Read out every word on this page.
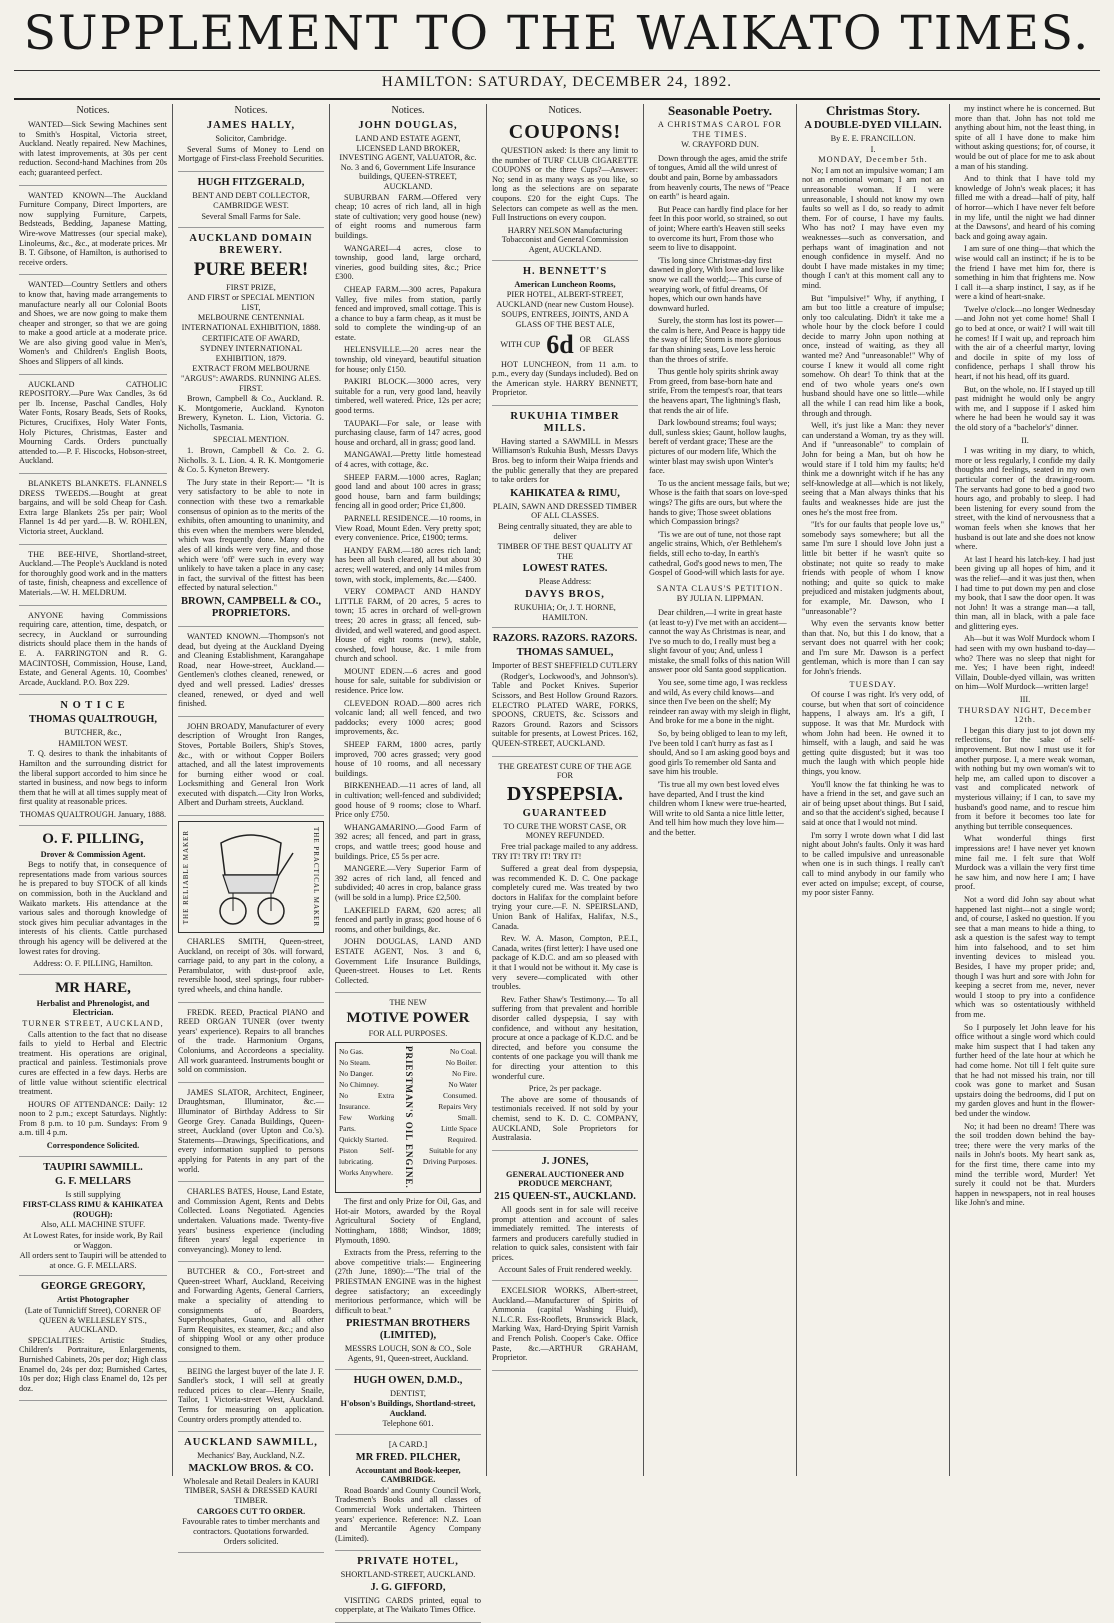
SUPPLEMENT TO THE WAIKATO TIMES.
HAMILTON: SATURDAY, DECEMBER 24, 1892.
Notices.

WANTED—Sick Sewing Machines sent to Smith's Hospital, Victoria street, Auckland. Neatly repaired. New Machines, with latest improvements, at 30s per cent reduction. Second-hand Machines from 20s each; guaranteed perfect.

WANTED KNOWN—The Auckland Furniture Company, Direct Importers, are now supplying Furniture, Carpets, Bedsteads, Bedding, Japanese Matting, Wire-wove Mattresses (our special make), Linoleums, &c., &c., at moderate prices. Mr B. T. Gibsone, of Hamilton, is authorised to receive orders.

WANTED—Country Settlers and others to know that, having made arrangements to manufacture nearly all our Colonial Boots and Shoes, we are now going to make them cheaper and stronger, so that we are going to make a good article at a moderate price. We are also giving good value in Men's, Women's and Children's English Boots, Shoes and Slippers of all kinds.

AUCKLAND CATHOLIC REPOSITORY.—Pure Wax Candles, 3s 6d per lb. Incense, Paschal Candles, Holy Water Fonts, Rosary Beads, Sets of Rooks, Pictures, Crucifixes, Holy Water Fonts, Holy Pictures, Christmas, Easter and Mourning Cards. Orders punctually attended to.—P. F. Hiscocks, Hobson-street, Auckland.

BLANKETS BLANKETS. FLANNELS DRESS TWEEDS.—Bought at great bargains, and will be sold Cheap for Cash. Extra large Blankets 25s per pair; Wool Flannel 1s 4d per yard.—B. W. ROHLEN, Victoria street, Auckland.

THE BEE-HIVE, Shortland-street, Auckland.—The People's Auckland is noted for thoroughly good work and in the matters of taste, finish, cheapness and excellence of Materials.—W. H. MELDRUM.

ANYONE having Commissions requiring care, attention, time, despatch, or secrecy, in Auckland or surrounding districts should place them in the hands of E. A. FARRINGTON and R. G. MACINTOSH, Commission, House, Land, Estate, and General Agents. 10, Coombes' Arcade, Auckland. P.O. Box 229.

N O T I C E
THOMAS QUALTROUGH,
BUTCHER, &c.,
HAMILTON WEST.

T. Q. desires to thank the inhabitants of Hamilton and the surrounding district for the liberal support accorded to him since he started in business, and now begs to inform them that he will at all times supply meat of first quality at reasonable prices.

THOMAS QUALTROUGH. January, 1888.
O. F. PILLING,
Drover & Commission Agent.

Begs to notify that, in consequence of representations made from various sources he is prepared to buy STOCK of all kinds on commission, both in the Auckland and Waikato markets. His attendance at the various sales and thorough knowledge of stock gives him peculiar advantages in the interests of his clients. Cattle purchased through his agency will be delivered at the lowest rates for droving.

Address: O. F. PILLING, Hamilton.
MR HARE,
Herbalist and Phrenologist, and Electrician.
TURNER STREET, AUCKLAND,

Calls attention to the fact that no disease fails to yield to Herbal and Electric treatment. His operations are original, practical and painless. Testimonials prove cures are effected in a few days. Herbs are of little value without scientific electrical treatment.

HOURS OF ATTENDANCE: Daily: 12 noon to 2 p.m.; except Saturdays. Nightly: From 8 p.m. to 10 p.m. Sundays: From 9 a.m. till 4 p.m.

Correspondence Solicited.
TAUPIRI SAWMILL.
G. F. MELLARS
Is still supplying
FIRST-CLASS RIMU & KAHIKATEA (ROUGH):
Also, ALL MACHINE STUFF.
At Lowest Rates, for inside work, By Rail or Waggon.
All orders sent to Taupiri will be attended to at once. G. F. MELLARS.
GEORGE GREGORY,
Artist Photographer
(Late of Tunnicliff Street), CORNER OF QUEEN & WELLESLEY STS., AUCKLAND.

SPECIALITIES: Artistic Studies, Children's Portraiture, Enlargements, Burnished Cabinets, 20s per doz; High class Enamel do, 24s per doz; Burnished Cartes, 10s per doz; High class Enamel do, 12s per doz.

Notices.
JAMES HALLY,
Solicitor, Cambridge.

Several Sums of Money to Lend on Mortgage of First-class Freehold Securities.

HUGH FITZGERALD,
BENT AND DEBT COLLECTOR,
CAMBRIDGE WEST.
Several Small Farms for Sale.
AUCKLAND DOMAIN BREWERY.
PURE BEER!
FIRST PRIZE,
AND FIRST or SPECIAL MENTION LIST,
MELBOURNE CENTENNIAL INTERNATIONAL EXHIBITION, 1888.
CERTIFICATE OF AWARD,
SYDNEY INTERNATIONAL EXHIBITION, 1879.
EXTRACT FROM MELBOURNE "ARGUS": AWARDS. RUNNING ALES. FIRST.

Brown, Campbell & Co., Auckland. R. K. Montgomerie, Auckland. Kynoton Brewery, Kyneton. L. Lion, Victoria. G. Nicholls, Tasmania.

SPECIAL MENTION.

1. Brown, Campbell & Co. 2. G. Nicholls. 3. L. Lion. 4. R. K. Montgomerie & Co. 5. Kyneton Brewery.

The Jury state in their Report:— "It is very satisfactory to be able to note in connection with these two a remarkable consensus of opinion as to the merits of the exhibits, often amounting to unanimity, and this even when the members were blended, which was frequently done. Many of the ales of all kinds were very fine, and those which were 'off' were such in every way unlikely to have taken a place in any case; in fact, the survival of the fittest has been effected by natural selection."

BROWN, CAMPBELL & CO., PROPRIETORS.

WANTED KNOWN.—Thompson's not dead, but dyeing at the Auckland Dyeing and Cleaning Establishment, Karangahape Road, near Howe-street, Auckland.—Gentlemen's clothes cleaned, renewed, or dyed and well pressed. Ladies' dresses cleaned, renewed, or dyed and well finished.

JOHN BROADY, Manufacturer of every description of Wrought Iron Ranges, Stoves, Portable Boilers, Ship's Stoves, &c., with or without Copper Boilers attached, and all the latest improvements for burning either wood or coal. Locksmithing and General Iron Work executed with dispatch.—City Iron Works, Albert and Durham streets, Auckland.

THE RELIABLE MAKER	THE PRACTICAL MAKER

CHARLES SMITH, Queen-street, Auckland, on receipt of 30s. will forward, carriage paid, to any part in the colony, a Perambulator, with dust-proof axle, reversible hood, steel springs, four rubber-tyred wheels, and china handle.

FREDK. REED, Practical PIANO and REED ORGAN TUNER (over twenty years' experience). Repairs to all branches of the trade. Harmonium Organs, Coloniums, and Accordeons a speciality. All work guaranteed. Instruments bought or sold on commission.

JAMES SLATOR, Architect, Engineer, Draughtsman, Illuminator, &c.—Illuminator of Birthday Address to Sir George Grey. Canada Buildings, Queen-street, Auckland (over Upton and Co.'s). Statements—Drawings, Specifications, and every information supplied to persons applying for Patents in any part of the world.

CHARLES BATES, House, Land Estate, and Commission Agent, Rents and Debts Collected. Loans Negotiated. Agencies undertaken. Valuations made. Twenty-five years' business experience (including fifteen years' legal experience in conveyancing). Money to lend.

BUTCHER & CO., Fort-street and Queen-street Wharf, Auckland, Receiving and Forwarding Agents, General Carriers, make a speciality of attending to consignments of Boarders, Superphosphates, Guano, and all other Farm Requisites, ex steamer, &c.; and also of shipping Wool or any other produce consigned to them.

BEING the largest buyer of the late J. F. Sandler's stock, I will sell at greatly reduced prices to clear—Henry Snaile, Tailor, 1 Victoria-street West, Auckland. Terms for measuring on application. Country orders promptly attended to.

AUCKLAND SAWMILL,
Mechanics' Bay, Auckland, N.Z.
MACKLOW BROS. & CO.
Wholesale and Retail Dealers in KAURI TIMBER, SASH & DRESSED KAURI TIMBER.
CARGOES CUT TO ORDER.
Favourable rates to timber merchants and contractors. Quotations forwarded.
Orders solicited.
Notices.
JOHN DOUGLAS,
LAND AND ESTATE AGENT, LICENSED LAND BROKER, INVESTING AGENT, VALUATOR, &c. No. 3 and 6, Government Life Insurance buildings, QUEEN-STREET, AUCKLAND.

SUBURBAN FARM.—Offered very cheap; 10 acres of rich land, all in high state of cultivation; very good house (new) of eight rooms and numerous farm buildings.

WANGAREI—4 acres, close to township, good land, large orchard, vineries, good building sites, &c.; Price £300.

CHEAP FARM.—300 acres, Papakura Valley, five miles from station, partly fenced and improved, small cottage. This is a chance to buy a farm cheap, as it must be sold to complete the winding-up of an estate.

HELENSVILLE.—20 acres near the township, old vineyard, beautiful situation for house; only £150.

PAKIRI BLOCK.—3000 acres, very suitable for a run, very good land, heavily timbered, well watered. Price, 12s per acre; good terms.

TAUPAKI—For sale, or lease with purchasing clause, farm of 147 acres, good house and orchard, all in grass; good land.

MANGAWAI.—Pretty little homestead of 4 acres, with cottage, &c.

SHEEP FARM.—1000 acres, Raglan; good land and about 100 acres in grass; good house, barn and farm buildings; fencing all in good order; Price £1,800.

PARNELL RESIDENCE.—10 rooms, in View Road, Mount Eden. Very pretty spot; every convenience. Price, £1900; terms.

HANDY FARM.—180 acres rich land; has been all bush cleared, all but about 30 acres; well watered, and only 14 miles from town, with stock, implements, &c.—£400.

VERY COMPACT AND HANDY LITTLE FARM, of 20 acres, 5 acres to town; 15 acres in orchard of well-grown trees; 20 acres in grass; all fenced, sub-divided, and well watered, and good aspect. House of eight rooms (new), stable, cowshed, fowl house, &c. 1 mile from church and school.

MOUNT EDEN.—6 acres and good house for sale, suitable for subdivision or residence. Price low.

CLEVEDON ROAD.—800 acres rich volcanic land; all well fenced, and two paddocks; every 1000 acres; good improvements, &c.

SHEEP FARM, 1800 acres, partly improved, 700 acres grassed; very good house of 10 rooms, and all necessary buildings.

BIRKENHEAD.—11 acres of land, all in cultivation; well-fenced and subdivided; good house of 9 rooms; close to Wharf. Price only £750.

WHANGAMARINO.—Good Farm of 392 acres; all fenced, and part in grass, crops, and wattle trees; good house and buildings. Price, £5 5s per acre.

MANGERE.—Very Superior Farm of 392 acres of rich land, all fenced and subdivided; 40 acres in crop, balance grass (will be sold in a lump). Price £2,500.

LAKEFIELD FARM, 620 acres; all fenced and partly in grass; good house of 6 rooms, and other buildings, &c.

JOHN DOUGLAS, LAND AND ESTATE AGENT, Nos. 3 and 6, Government Life Insurance Buildings, Queen-street. Houses to Let. Rents Collected.

THE NEW
MOTIVE POWER
FOR ALL PURPOSES.
No Gas.
No Steam.
No Danger.
No Chimney.
No Extra Insurance.
Few Working Parts.
Quickly Started.
Piston Self-lubricating.
Works Anywhere. PRIESTMAN'S OIL ENGINE.	No Coal.
No Boiler.
No Fire.
No Water Consumed.
Repairs Very Small.
Little Space Required.
Suitable for any Driving Purposes.

The first and only Prize for Oil, Gas, and Hot-air Motors, awarded by the Royal Agricultural Society of England, Nottingham, 1888; Windsor, 1889; Plymouth, 1890.

Extracts from the Press, referring to the above competitive trials:— Engineering (27th June, 1890):—"The trial of the PRIESTMAN ENGINE was in the highest degree satisfactory; an exceedingly meritorious performance, which will be difficult to beat."

PRIESTMAN BROTHERS (LIMITED),
MESSRS LOUCH, SON & CO., Sole Agents, 91, Queen-street, Auckland.
HUGH OWEN, D.M.D.,
DENTIST,
H'obson's Buildings, Shortland-street, Auckland.
Telephone 601.
[A CARD.]
MR FRED. PILCHER,
Accountant and Book-keeper, CAMBRIDGE.

Road Boards' and County Council Work, Tradesmen's Books and all classes of Commercial Work undertaken. Thirteen years' experience. Reference: N.Z. Loan and Mercantile Agency Company (Limited).

PRIVATE HOTEL,
SHORTLAND-STREET, AUCKLAND.
J. G. GIFFORD,

VISITING CARDS printed, equal to copperplate, at The Waikato Times Office.

Notices.
COUPONS!

QUESTION asked: Is there any limit to the number of TURF CLUB CIGARETTE COUPONS or the three Cups?—Answer: No; send in as many ways as you like, so long as the selections are on separate coupons. £20 for the eight Cups. The Selectors can compete as well as the men. Full Instructions on every coupon.

HARRY NELSON Manufacturing Tobacconist and General Commission Agent, AUCKLAND.
H. BENNETT'S
American Luncheon Rooms,
PIER HOTEL, ALBERT-STREET, AUCKLAND (near new Custom House).
SOUPS, ENTREES, JOINTS, AND A GLASS OF THE BEST ALE,
WITH CUP 6d OR GLASS OF BEER

HOT LUNCHEON, from 11 a.m. to p.m., every day (Sundays included). Bed on the American style. HARRY BENNETT, Proprietor.

RUKUHIA TIMBER MILLS.

Having started a SAWMILL in Messrs Williamson's Rukuhia Bush, Messrs Davys Bros. beg to inform their Waipa friends and the public generally that they are prepared to take orders for

KAHIKATEA & RIMU,
PLAIN, SAWN AND DRESSED TIMBER OF ALL CLASSES.
Being centrally situated, they are able to deliver
TIMBER OF THE BEST QUALITY AT THE
LOWEST RATES.
Please Address:
DAVYS BROS,
RUKUHIA; Or, J. T. HORNE, HAMILTON.
RAZORS. RAZORS. RAZORS.
THOMAS SAMUEL,
Importer of BEST SHEFFIELD CUTLERY

(Rodger's, Lockwood's, and Johnson's). Table and Pocket Knives. Superior Scissors, and Best Hollow Ground Razors. ELECTRO PLATED WARE, FORKS, SPOONS, CRUETS, &c. Scissors and Razors Ground. Razors and Scissors suitable for presents, at Lowest Prices. 162, QUEEN-STREET, AUCKLAND.

THE GREATEST CURE OF THE AGE FOR
DYSPEPSIA.
GUARANTEED
TO CURE THE WORST CASE, OR MONEY REFUNDED.

Free trial package mailed to any address. TRY IT! TRY IT! TRY IT!

Suffered a great deal from dyspepsia, was recommended K. D. C. One package completely cured me. Was treated by two doctors in Halifax for the complaint before trying your cure.—F. N. SPEIRSLAND, Union Bank of Halifax, Halifax, N.S., Canada.

Rev. W. A. Mason, Compton, P.E.I., Canada, writes (first letter): I have used one package of K.D.C. and am so pleased with it that I would not be without it. My case is very severe—complicated with other troubles.

Rev. Father Shaw's Testimony.— To all suffering from that prevalent and horrible disorder called dyspepsia, I say with confidence, and without any hesitation, procure at once a package of K.D.C. and be directed, and before you consume the contents of one package you will thank me for directing your attention to this wonderful cure.

Price, 2s per package.

The above are some of thousands of testimonials received. If not sold by your chemist, send to K. D. C. COMPANY, AUCKLAND, Sole Proprietors for Australasia.

J. JONES,
GENERAL AUCTIONEER AND PRODUCE MERCHANT,
215 QUEEN-ST., AUCKLAND.

All goods sent in for sale will receive prompt attention and account of sales immediately remitted. The interests of farmers and producers carefully studied in relation to quick sales, consistent with fair prices.

Account Sales of Fruit rendered weekly.

EXCELSIOR WORKS, Albert-street, Auckland.—Manufacturer of Spirits of Ammonia (capital Washing Fluid), N.L.C.R. Ess-Rooflets, Brunswick Black, Marking Wax, Hard-Drying Spirit Varnish and French Polish. Cooper's Cake. Office Paste, &c.—ARTHUR GRAHAM, Proprietor.

Seasonable Poetry.
A CHRISTMAS CAROL FOR THE TIMES.
W. CRAYFORD DUN.

Down through the ages, amid the strife of tongues, Amid all the wild unrest of doubt and pain, Borne by ambassadors from heavenly courts, The news of "Peace on earth" is heard again.

But Peace can hardly find place for her feet In this poor world, so strained, so out of joint; Where earth's Heaven still seeks to overcome its hurt, From those who seem to live to disappoint.

'Tis long since Christmas-day first dawned in glory, With love and love like snow we call the world;— This curse of wearying work, of fitful dreams, Of hopes, which our own hands have downward hurled.

Surely, the storm has lost its power—the calm is here, And Peace is happy tide the sway of life; Storm is more glorious far than shining seas, Love less heroic than the throes of strife.

Thus gentle holy spirits shrink away From greed, from base-born hate and strife, From the tempest's roar, that tears the heavens apart, The lightning's flash, that rends the air of life.

Dark lowbound streams; foul ways; dull, sunless skies; Gaunt, hollow laughs, bereft of verdant grace; These are the pictures of our modern life, Which the winter blast may swish upon Winter's face.

To us the ancient message fails, but we; Whose is the faith that soars on love-sped wings? The gifts are ours, but where the hands to give; Those sweet oblations which Compassion brings?

'Tis we are out of tune, not those rapt angelic strains, Which, o'er Bethlehem's fields, still echo to-day, In earth's cathedral, God's good news to men, The Gospel of Good-will which lasts for aye.

SANTA CLAUS'S PETITION.
BY JULIA N. LIPPMAN.

Dear children,—I write in great haste (at least to-y) I've met with an accident—cannot the way As Christmas is near, and I've so much to do, I really must beg a slight favour of you; And, unless I mistake, the small folks of this nation Will answer poor old Santa good supplication.

You see, some time ago, I was reckless and wild, As every child knows—and since then I've been on the shelf; My reindeer ran away with my sleigh in flight, And broke for me a bone in the night.

So, by being obliged to lean to my left, I've been told I can't hurry as fast as I should, And so I am asking good boys and good girls To remember old Santa and save him his trouble.

'Tis true all my own best loved elves have departed, And I trust the kind children whom I knew were true-hearted, Will write to old Santa a nice little letter, And tell him how much they love him—and the better.

Christmas Story.
A DOUBLE-DYED VILLAIN.
By E. E. FRANCILLON.
I.
MONDAY, December 5th.

No; I am not an impulsive woman; I am not an emotional woman; I am not an unreasonable woman. If I were unreasonable, I should not know my own faults so well as I do, so ready to admit them. For of course, I have my faults. Who has not? I may have even my weaknesses—such as conversation, and perhaps want of imagination and not enough confidence in myself. And no doubt I have made mistakes in my time; though I can't at this moment call any to mind.

But "impulsive!" Why, if anything, I am but too little a creature of impulse; only too calculating. Didn't it take me a whole hour by the clock before I could decide to marry John upon nothing at once, instead of waiting, as they all wanted me? And "unreasonable!" Why of course I knew it would all come right somehow. Oh dear! To think that at the end of two whole years one's own husband should have one so little—while all the while I can read him like a book, through and through.

Well, it's just like a Man: they never can understand a Woman, try as they will. And if "unreasonable" to complain of John for being a Man, but oh how he would stare if I told him my faults; he'd think me a downright witch if he has any self-knowledge at all—which is not likely, seeing that a Man always thinks that his faults and weaknesses hide are just the ones he's the most free from.

"It's for our faults that people love us," somebody says somewhere; but all the same I'm sure I should love John just a little bit better if he wasn't quite so obstinate; not quite so ready to make friends with people of whom I know nothing; and quite so quick to make prejudiced and mistaken judgments about, for example, Mr. Dawson, who I "unreasonable"?

Why even the servants know better than that. No, but this I do know, that a servant does not quarrel with her cook; and I'm sure Mr. Dawson is a perfect gentleman, which is more than I can say for John's friends.

TUESDAY.

Of course I was right. It's very odd, of course, but when that sort of coincidence happens, I always am. It's a gift, I suppose. It was that Mr. Murdock with whom John had been. He owned it to himself, with a laugh, and said he was getting quite disgusted; but it was too much the laugh with which people hide things, you know.

You'll know the fat thinking he was to have a friend in the set, and gave such an air of being upset about things. But I said, and so that the accident's sighed, because I said at once that I would not mind.

I'm sorry I wrote down what I did last night about John's faults. Only it was hard to be called impulsive and unreasonable when one is in such things. I really can't call to mind anybody in our family who ever acted on impulse; except, of course, my poor sister Fanny.

my instinct where he is concerned. But more than that. John has not told me anything about him, not the least thing, in spite of all I have done to make him without asking questions; for, of course, it would be out of place for me to ask about a man of his standing.

And to think that I have told my knowledge of John's weak places; it has filled me with a dread—half of pity, half of horror—which I have never felt before in my life, until the night we had dinner at the Dawsons', and heard of his coming back and going away again.

I am sure of one thing—that which the wise would call an instinct; if he is to be the friend I have met him for, there is something in him that frightens me. Now I call it—a sharp instinct, I say, as if he were a kind of heart-snake.

Twelve o'clock—no longer Wednesday—and John not yet come home! Shall I go to bed at once, or wait? I will wait till he comes! If I wait up, and reproach him with the air of a cheerful martyr, loving and docile in spite of my loss of confidence, perhaps I shall throw his heart, if not his head, off its guard.

But, on the whole, no. If I stayed up till past midnight he would only be angry with me, and I suppose if I asked him where he had been he would say it was the old story of a "bachelor's" dinner.

II.

I was writing in my diary, to which, more or less regularly, I confide my daily thoughts and feelings, seated in my own particular corner of the drawing-room. The servants had gone to bed a good two hours ago, and probably to sleep. I had been listening for every sound from the street, with the kind of nervousness that a woman feels when she knows that her husband is out late and she does not know where.

At last I heard his latch-key. I had just been giving up all hopes of him, and it was the relief—and it was just then, when I had time to put down my pen and close my book, that I saw the door open. It was not John! It was a strange man—a tall, thin man, all in black, with a pale face and glittering eyes.

Ah—but it was Wolf Murdock whom I had seen with my own husband to-day—who? There was no sleep that night for me. Yes; I have been right, indeed! Villain, Double-dyed villain, was written on him—Wolf Murdock—written large!

III.
THURSDAY NIGHT, December 12th.

I began this diary just to jot down my reflections, for the sake of self-improvement. But now I must use it for another purpose. I, a mere weak woman, with nothing but my own woman's wit to help me, am called upon to discover a vast and complicated network of mysterious villainy; if I can, to save my husband's good name, and to rescue him from it before it becomes too late for anything but terrible consequences.

What wonderful things first impressions are! I have never yet known mine fail me. I felt sure that Wolf Murdock was a villain the very first time he saw him, and now here I am; I have proof.

Not a word did John say about what happened last night—not a single word; and, of course, I asked no question. If you see that a man means to hide a thing, to ask a question is the safest way to tempt him into falsehood, and to set him inventing devices to mislead you. Besides, I have my proper pride; and, though I was hurt and sore with John for keeping a secret from me, never, never would I stoop to pry into a confidence which was so ostentatiously withheld from me.

So I purposely let John leave for his office without a single word which could make him suspect that I had taken any further heed of the late hour at which he had come home. Not till I felt quite sure that he had not missed his train, nor till cook was gone to market and Susan upstairs doing the bedrooms, did I put on my garden gloves and hunt in the flower-bed under the window.

No; it had been no dream! There was the soil trodden down behind the bay-tree; there were the very marks of the nails in John's boots. My heart sank as, for the first time, there came into my mind the terrible word, Murder! Yet surely it could not be that. Murders happen in newspapers, not in real houses like John's and mine.
